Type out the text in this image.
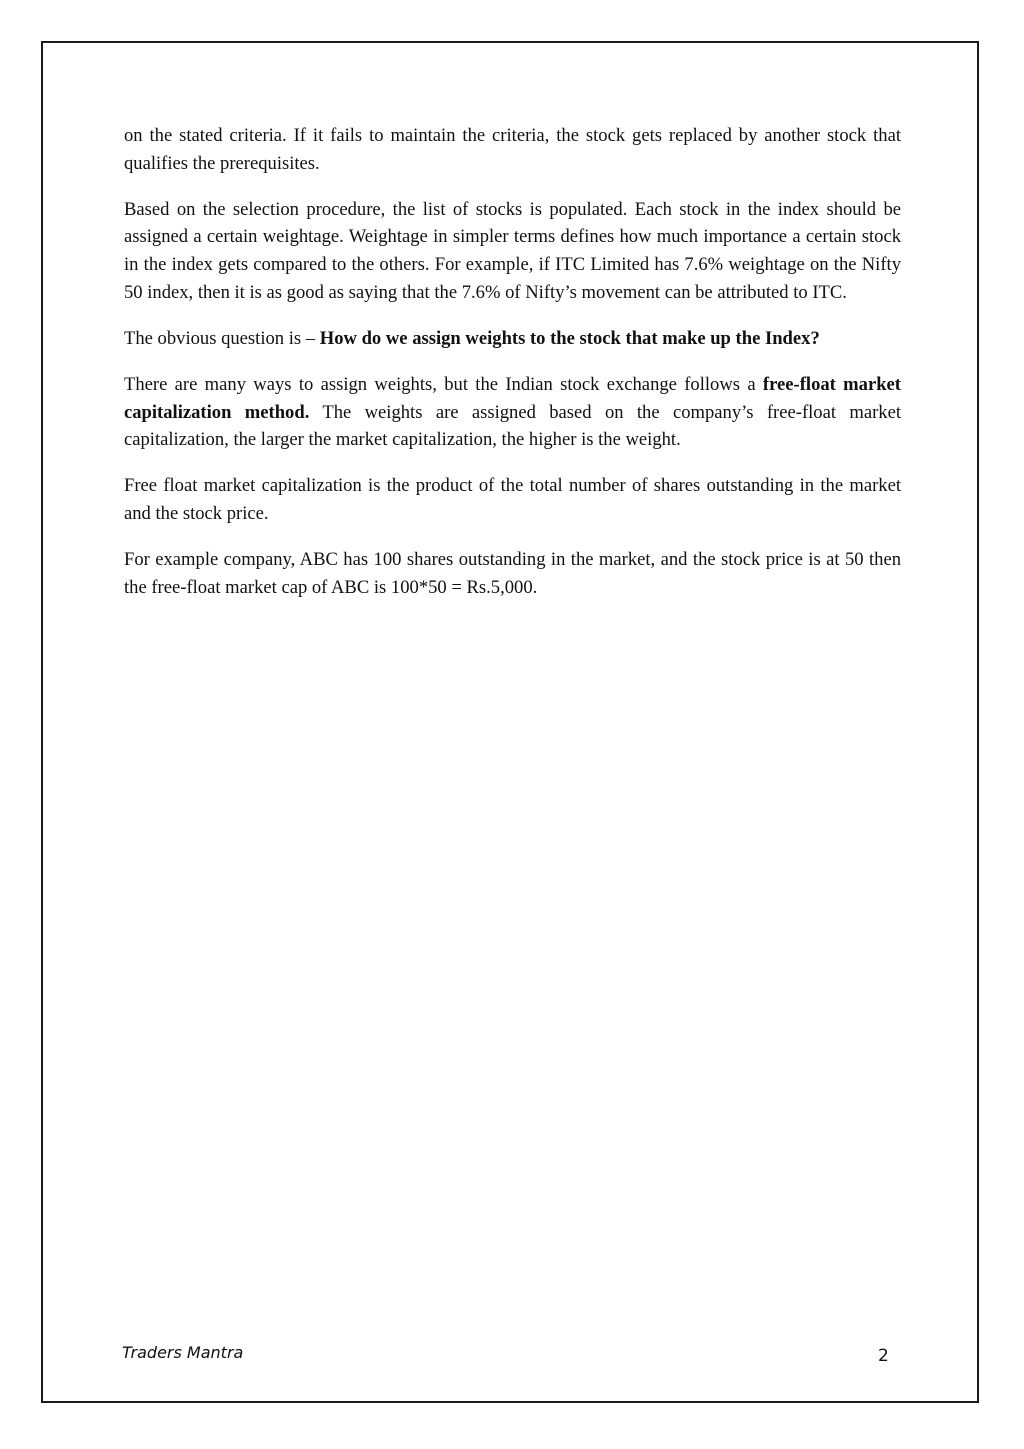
on the stated criteria. If it fails to maintain the criteria, the stock gets replaced by another stock that qualifies the prerequisites.

Based on the selection procedure, the list of stocks is populated. Each stock in the index should be assigned a certain weightage. Weightage in simpler terms defines how much importance a certain stock in the index gets compared to the others. For example, if ITC Limited has 7.6% weightage on the Nifty 50 index, then it is as good as saying that the 7.6% of Nifty’s movement can be attributed to ITC.

The obvious question is – How do we assign weights to the stock that make up the Index?

There are many ways to assign weights, but the Indian stock exchange follows a free-float market capitalization method. The weights are assigned based on the company’s free-float market capitalization, the larger the market capitalization, the higher is the weight.

Free float market capitalization is the product of the total number of shares outstanding in the market and the stock price.

For example company, ABC has 100 shares outstanding in the market, and the stock price is at 50 then the free-float market cap of ABC is 100*50 = Rs.5,000.

Traders Mantra	2
